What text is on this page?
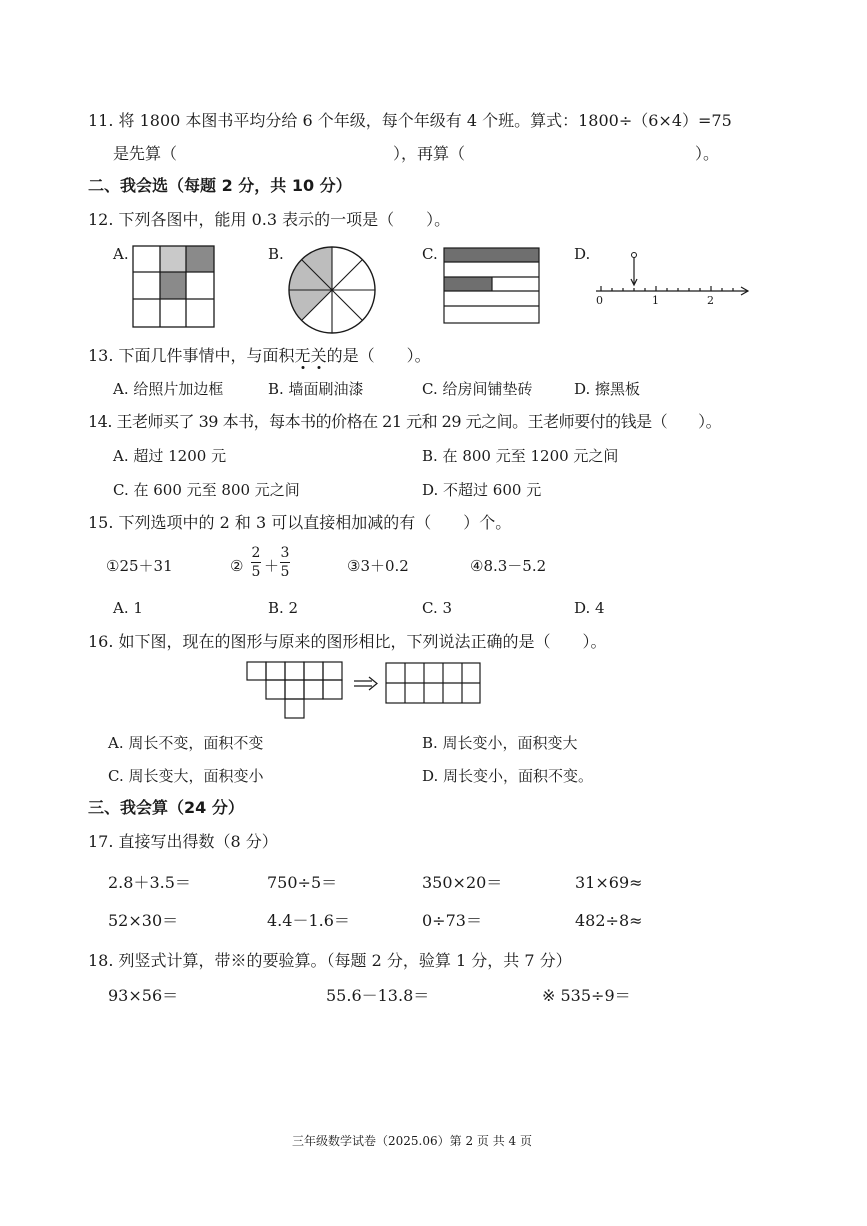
11. 将 1800 本图书平均分给 6 个年级，每个年级有 4 个班。算式：1800÷（6×4）=75
是先算（	），再算（	）。
二、我会选（每题 2 分，共 10 分）
12. 下列各图中，能用 0.3 表示的一项是（　　）。
A.	B.	C.	D.
0	1	2
13. 下面几件事情中，与面积无关的是（　　）。
A. 给照片加边框	B. 墙面刷油漆	C. 给房间铺垫砖	D. 擦黑板
14. 王老师买了 39 本书，每本书的价格在 21 元和 29 元之间。王老师要付的钱是（　　）。
A. 超过 1200 元	B. 在 800 元至 1200 元之间
C. 在 600 元至 800 元之间	D. 不超过 600 元
15. 下列选项中的 2 和 3 可以直接相加减的有（　　）个。
①25＋31	②
2
5 ＋
3
5	③3＋0.2	④8.3－5.2
A. 1	B. 2	C. 3	D. 4
16. 如下图，现在的图形与原来的图形相比，下列说法正确的是（　　）。
A. 周长不变，面积不变	B. 周长变小，面积变大
C. 周长变大，面积变小	D. 周长变小，面积不变。
三、我会算（24 分）
17. 直接写出得数（8 分）
2.8＋3.5＝	750÷5＝	350×20＝	31×69≈
52×30＝	4.4－1.6＝	0÷73＝	482÷8≈
18. 列竖式计算，带※的要验算。（每题 2 分，验算 1 分，共 7 分）
93×56＝	55.6－13.8＝	※ 535÷9＝
三年级数学试卷（2025.06）第 2 页 共 4 页
